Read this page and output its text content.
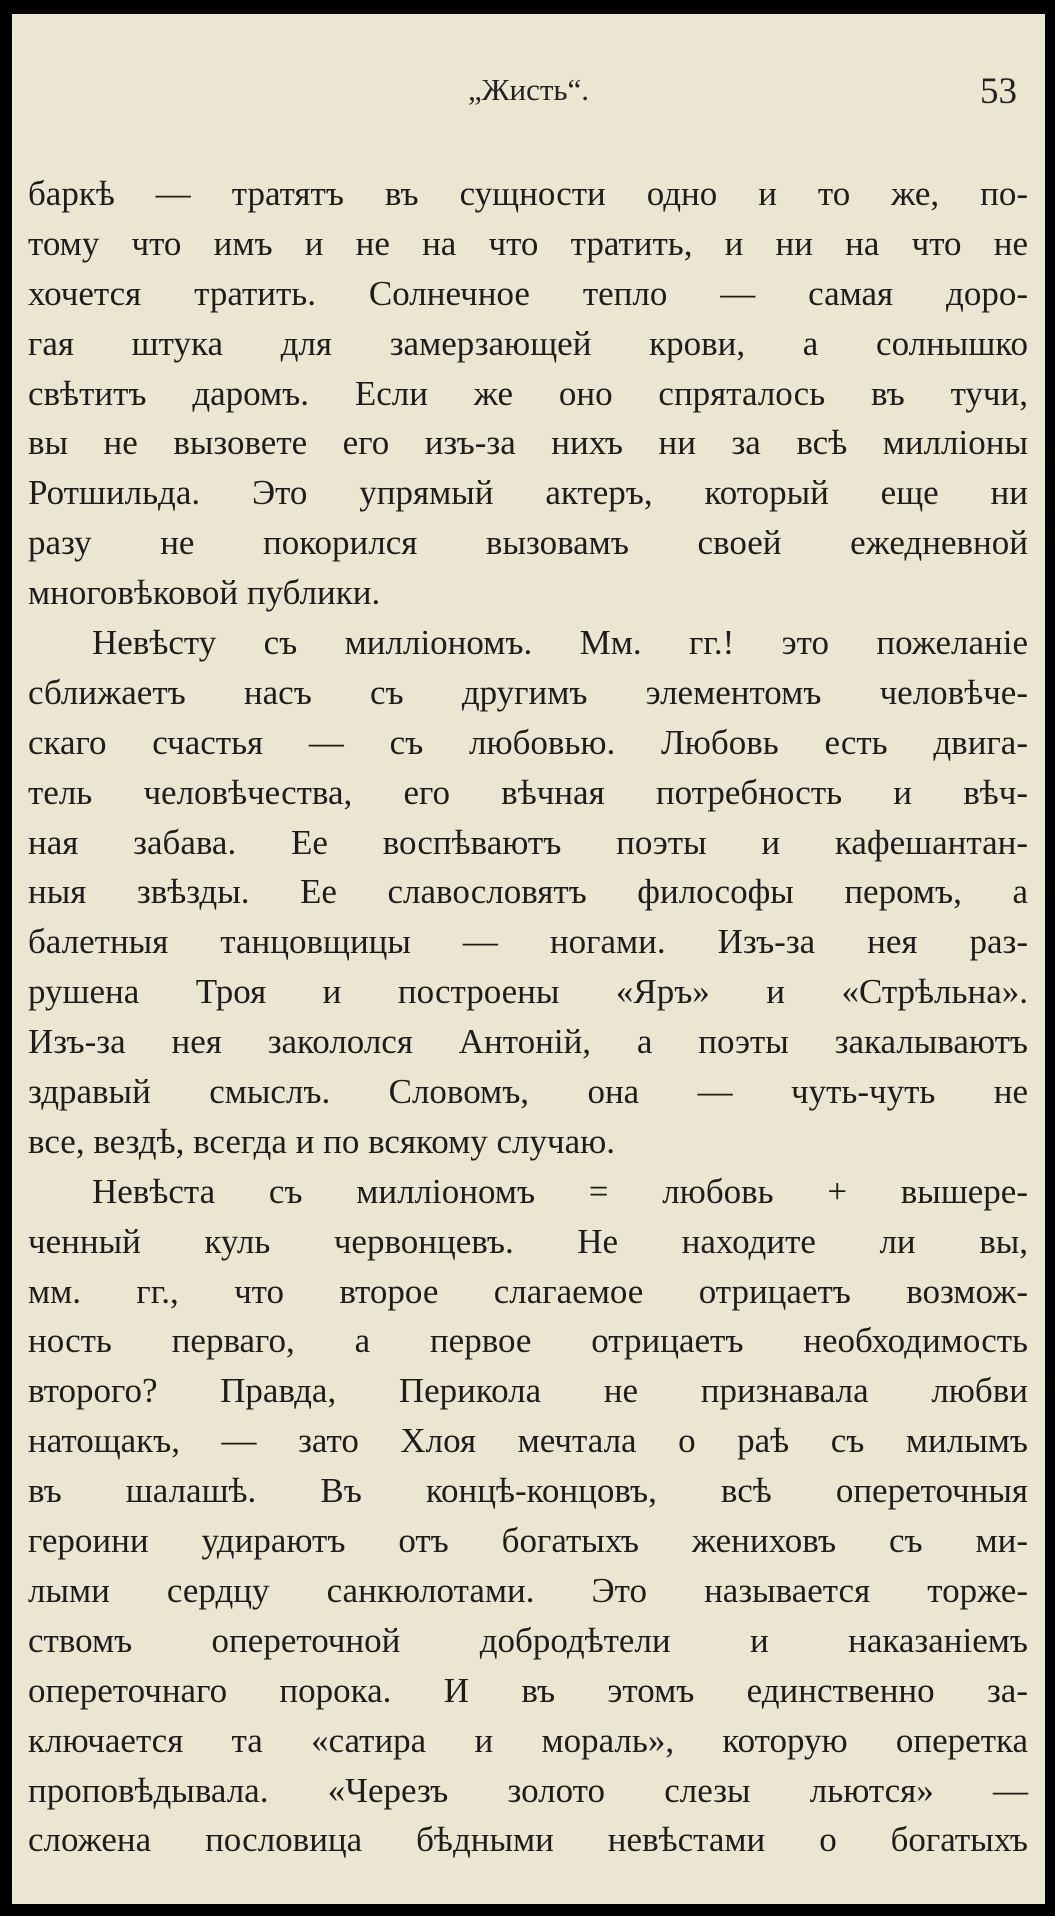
„Жисть“.	53
баркѣ — тратятъ въ сущности одно и то же, по-
тому что имъ и не на что тратить, и ни на что не
хочется тратить. Солнечное тепло — самая доро-
гая штука для замерзающей крови, а солнышко
свѣтитъ даромъ. Если же оно спряталось въ тучи,
вы не вызовете его изъ-за нихъ ни за всѣ миллiоны
Ротшильда. Это упрямый актеръ, который еще ни
разу не покорился вызовамъ своей ежедневной
многовѣковой публики.
Невѣсту съ миллiономъ. Мм. гг.! это пожеланiе
сближаетъ насъ съ другимъ элементомъ человѣче-
скаго счастья — съ любовью. Любовь есть двига-
тель человѣчества, его вѣчная потребность и вѣч-
ная забава. Ее воспѣваютъ поэты и кафешантан-
ныя звѣзды. Ее славословятъ философы перомъ, а
балетныя танцовщицы — ногами. Изъ-за нея раз-
рушена Троя и построены «Яръ» и «Стрѣльна».
Изъ-за нея закололся Антонiй, а поэты закалываютъ
здравый смыслъ. Словомъ, она — чуть-чуть не
все, вездѣ, всегда и по всякому случаю.
Невѣста съ миллiономъ = любовь + вышере-
ченный куль червонцевъ. Не находите ли вы,
мм. гг., что второе слагаемое отрицаетъ возмож-
ность перваго, а первое отрицаетъ необходимость
второго? Правда, Перикола не признавала любви
натощакъ, — зато Хлоя мечтала о раѣ съ милымъ
въ шалашѣ. Въ концѣ-концовъ, всѣ опереточныя
героини удираютъ отъ богатыхъ жениховъ съ ми-
лыми сердцу санкюлотами. Это называется торже-
ствомъ опереточной добродѣтели и наказанiемъ
опереточнаго порока. И въ этомъ единственно за-
ключается та «сатира и мораль», которую оперетка
проповѣдывала. «Черезъ золото слезы льются» —
сложена пословица бѣдными невѣстами о богатыхъ
